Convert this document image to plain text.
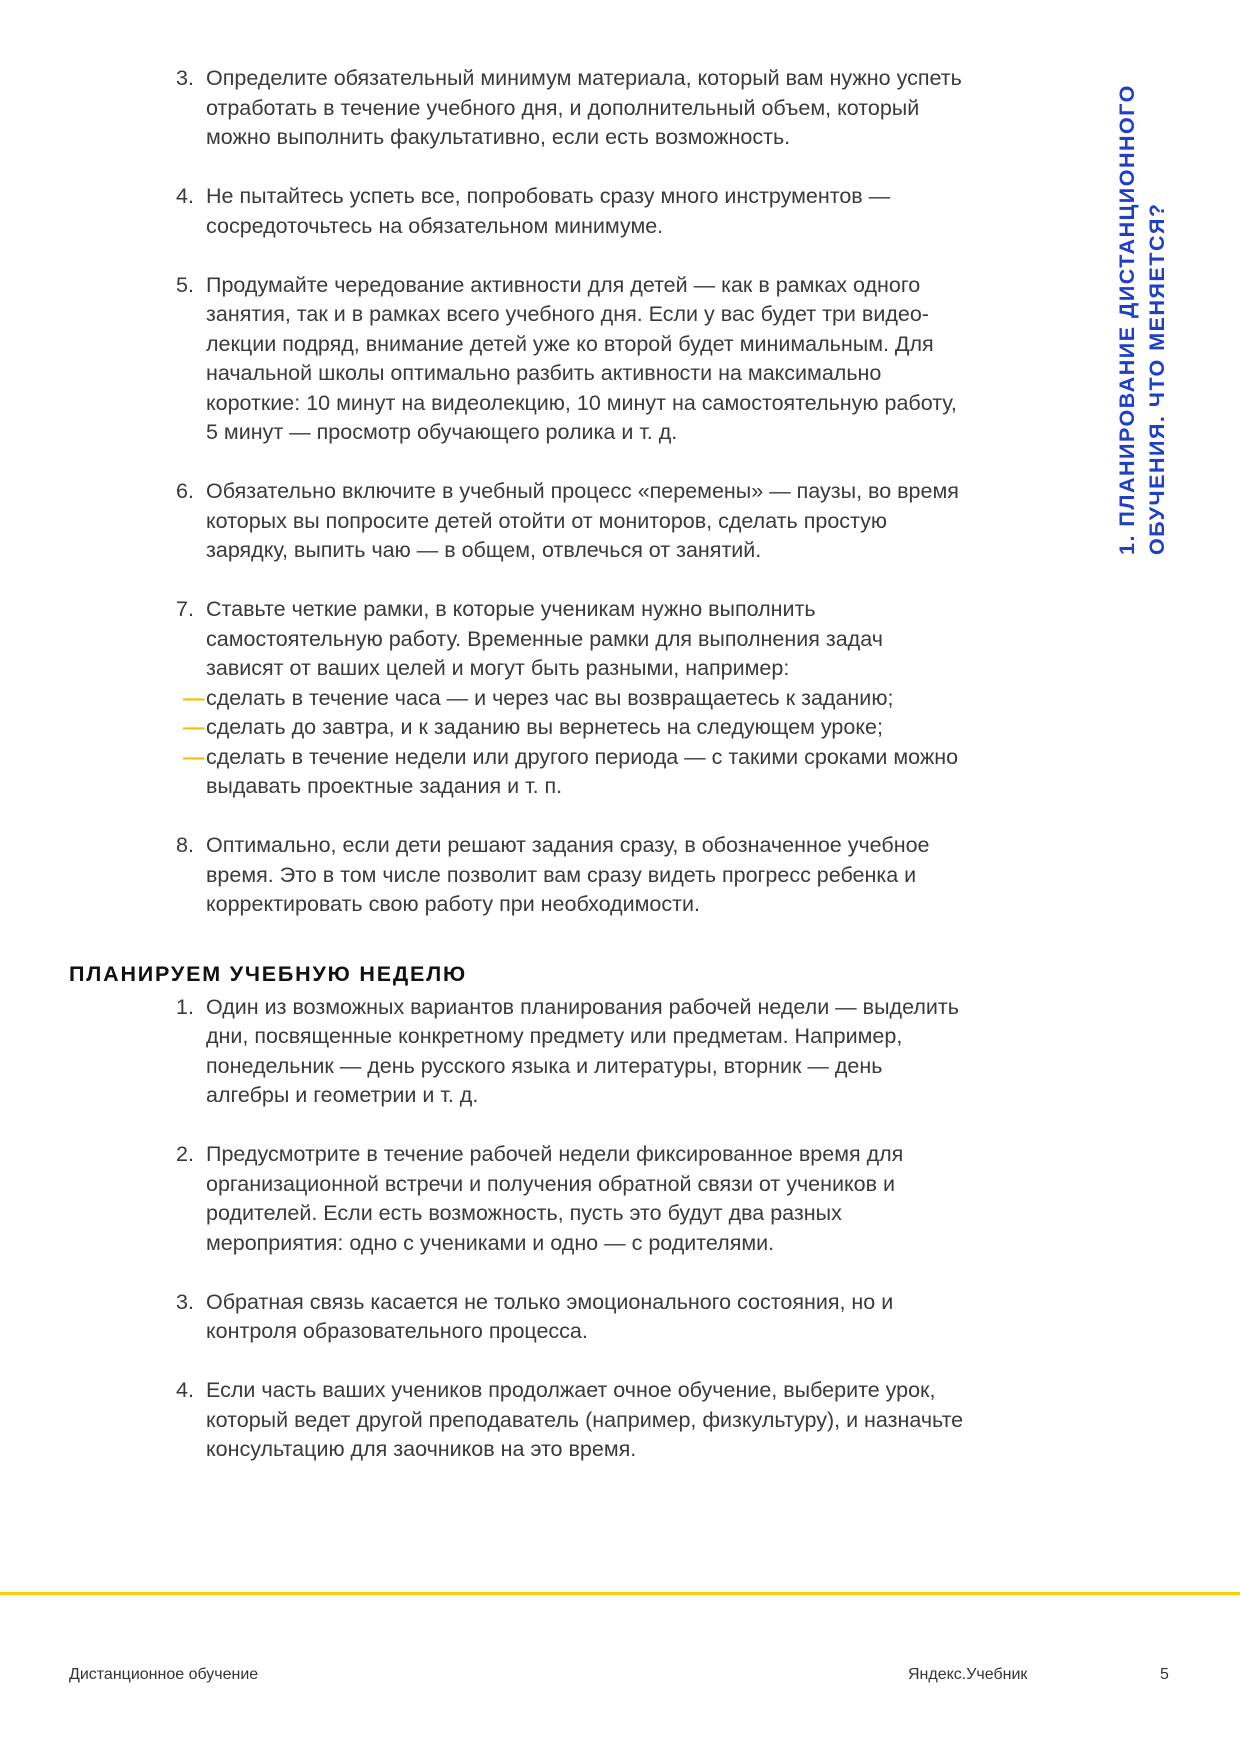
3. Определите обязательный минимум материала, который вам нужно успеть отработать в течение учебного дня, и дополнительный объем, который можно выполнить факультативно, если есть возможность.
4. Не пытайтесь успеть все, попробовать сразу много инструментов — сосредоточьтесь на обязательном минимуме.
5. Продумайте чередование активности для детей — как в рамках одного занятия, так и в рамках всего учебного дня. Если у вас будет три видеолекции подряд, внимание детей уже ко второй будет минимальным. Для начальной школы оптимально разбить активности на максимально короткие: 10 минут на видеолекцию, 10 минут на самостоятельную работу, 5 минут — просмотр обучающего ролика и т. д.
6. Обязательно включите в учебный процесс «перемены» — паузы, во время которых вы попросите детей отойти от мониторов, сделать простую зарядку, выпить чаю — в общем, отвлечься от занятий.
7. Ставьте четкие рамки, в которые ученикам нужно выполнить самостоятельную работу. Временные рамки для выполнения задач зависят от ваших целей и могут быть разными, например:
— сделать в течение часа — и через час вы возвращаетесь к заданию;
— сделать до завтра, и к заданию вы вернетесь на следующем уроке;
— сделать в течение недели или другого периода — с такими сроками можно выдавать проектные задания и т. п.
8. Оптимально, если дети решают задания сразу, в обозначенное учебное время. Это в том числе позволит вам сразу видеть прогресс ребенка и корректировать свою работу при необходимости.
ПЛАНИРУЕМ УЧЕБНУЮ НЕДЕЛЮ
1. Один из возможных вариантов планирования рабочей недели — выделить дни, посвященные конкретному предмету или предметам. Например, понедельник — день русского языка и литературы, вторник — день алгебры и геометрии и т. д.
2. Предусмотрите в течение рабочей недели фиксированное время для организационной встречи и получения обратной связи от учеников и родителей. Если есть возможность, пусть это будут два разных мероприятия: одно с учениками и одно — с родителями.
3. Обратная связь касается не только эмоционального состояния, но и контроля образовательного процесса.
4. Если часть ваших учеников продолжает очное обучение, выберите урок, который ведет другой преподаватель (например, физкультуру), и назначьте консультацию для заочников на это время.
1. ПЛАНИРОВАНИЕ ДИСТАНЦИОННОГО ОБУЧЕНИЯ. ЧТО МЕНЯЕТСЯ?
Дистанционное обучение	Яндекс.Учебник	5
